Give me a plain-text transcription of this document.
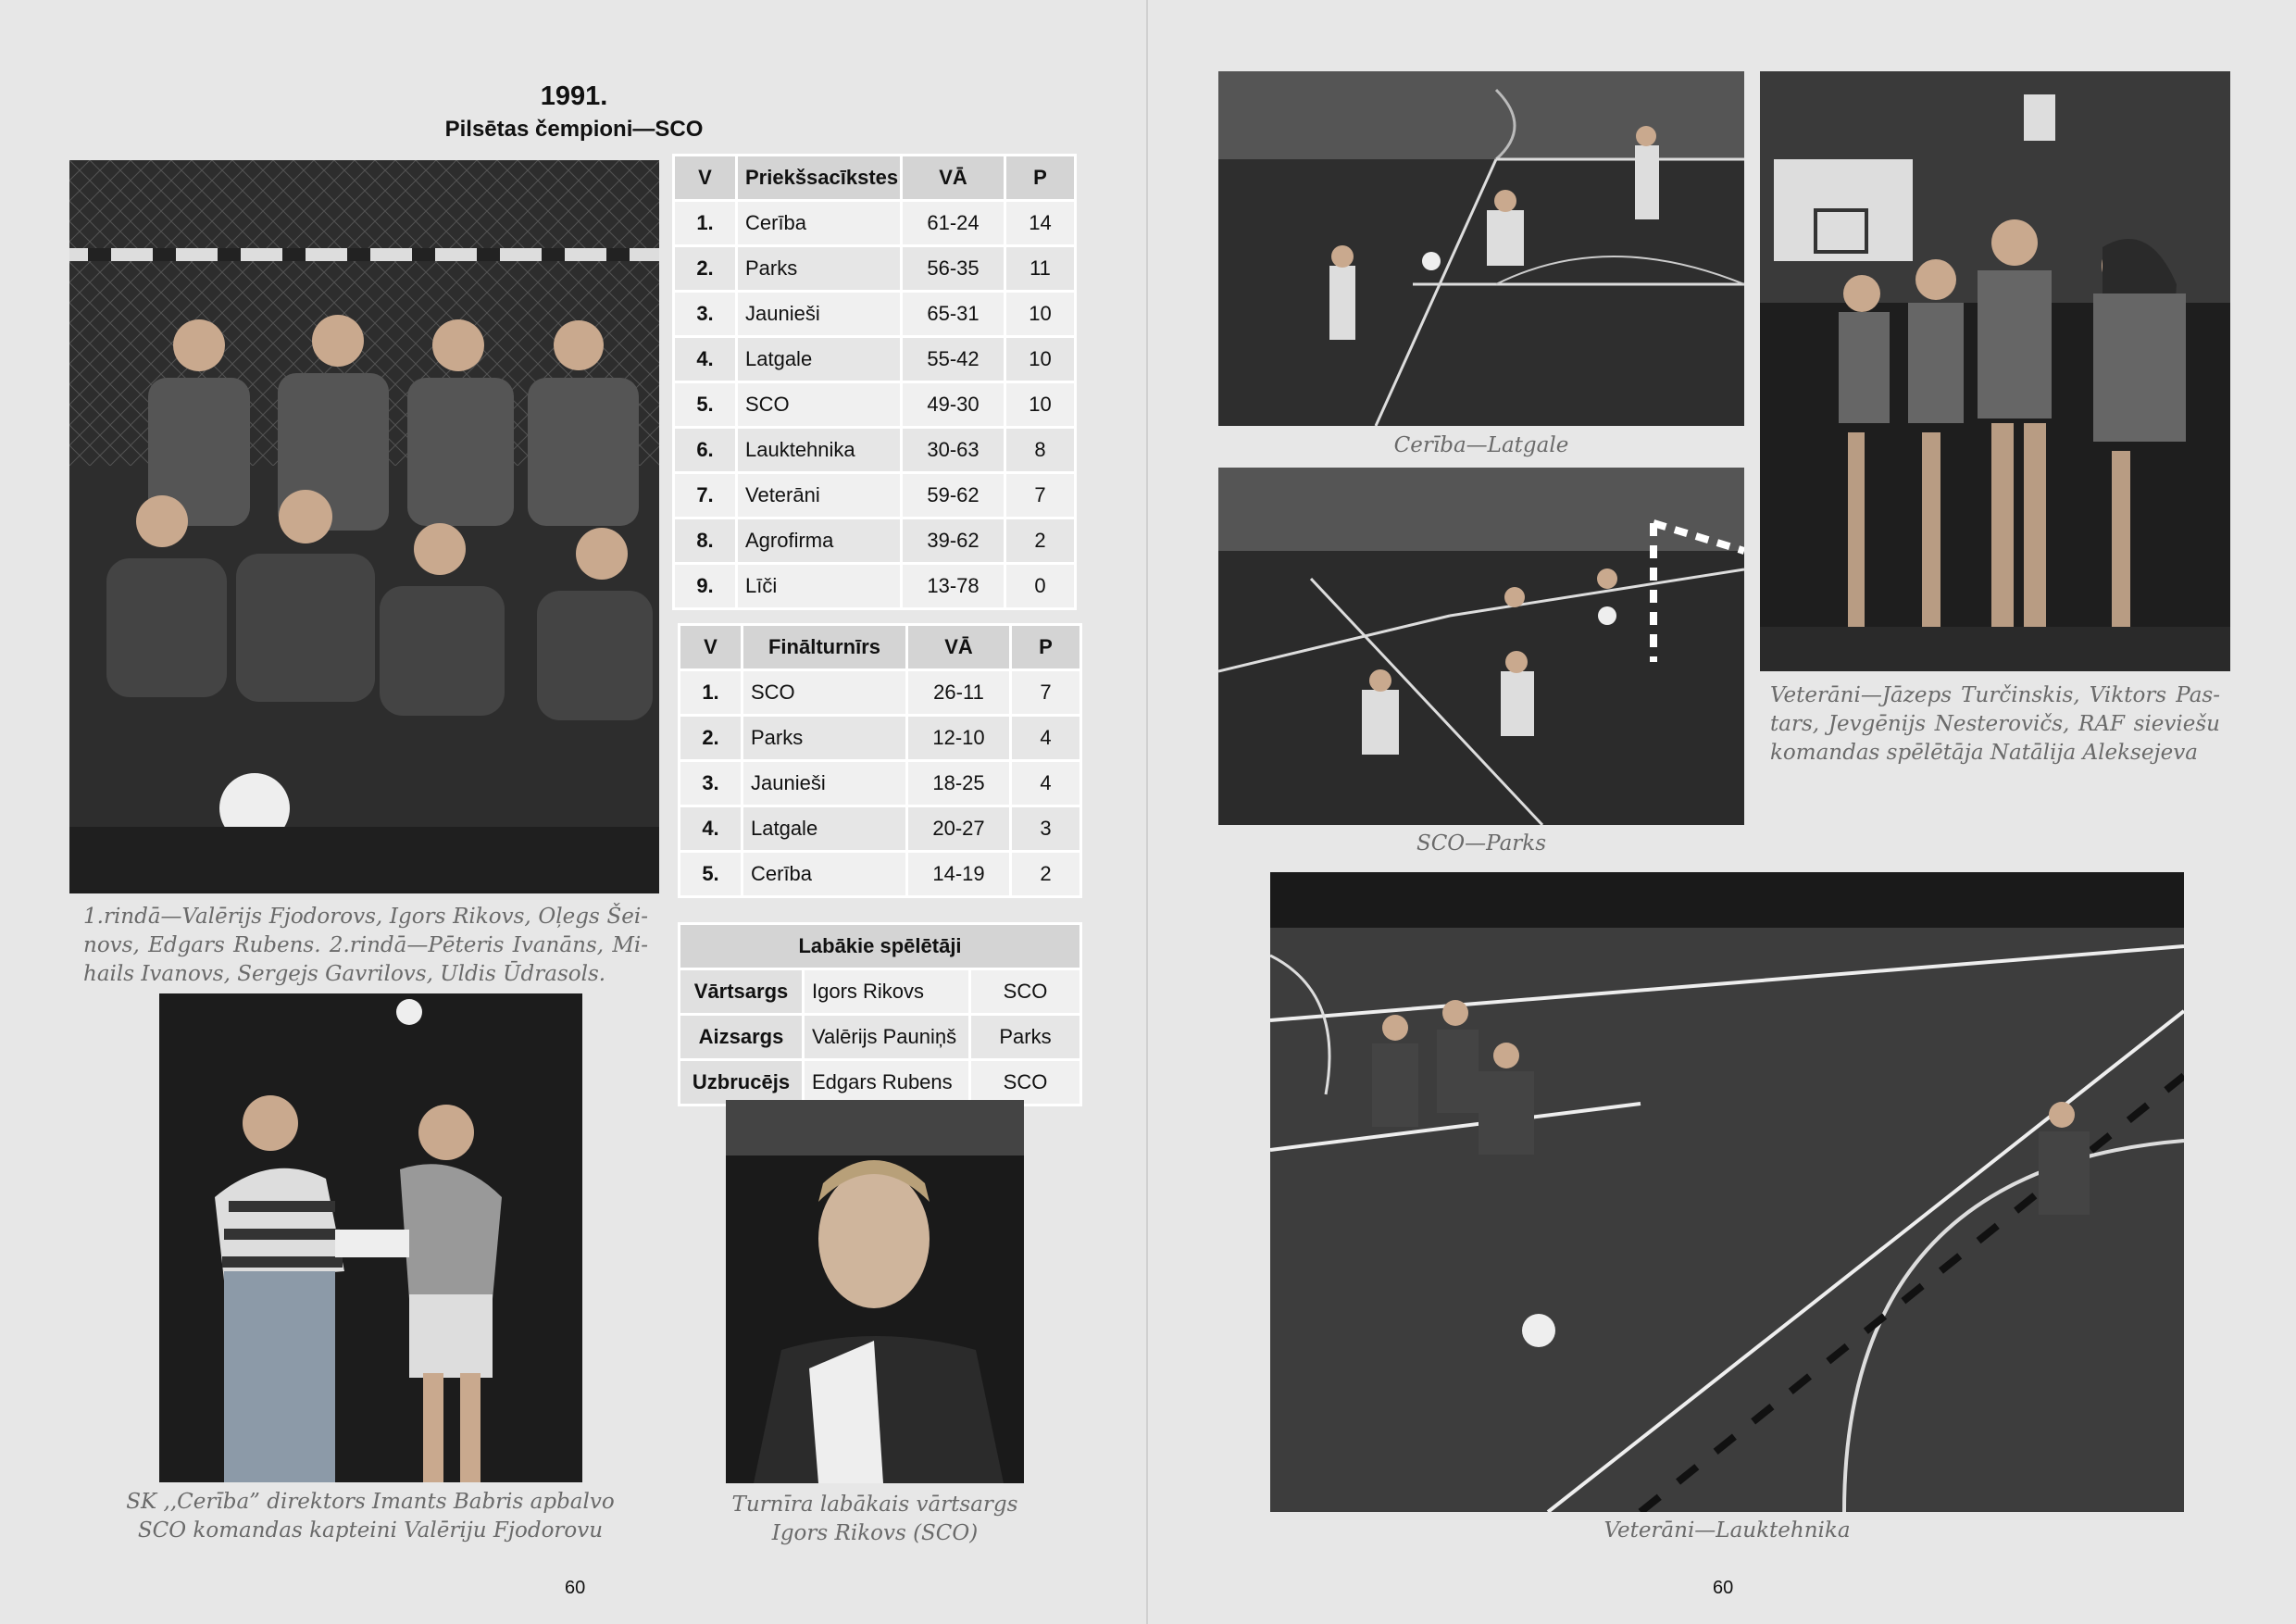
1991.
Pilsētas čempioni—SCO
1.rindā—Valērijs Fjodorovs, Igors Rikovs, Oļegs Šei-novs, Edgars Rubens. 2.rindā—Pēteris Ivanāns, Mi-hails Ivanovs, Sergejs Gavrilovs, Uldis Ūdrasols.
V	Priekšsacīkstes	VĀ	P
1.	Cerība	61-24	14
2.	Parks	56-35	11
3.	Jaunieši	65-31	10
4.	Latgale	55-42	10
5.	SCO	49-30	10
6.	Lauktehnika	30-63	8
7.	Veterāni	59-62	7
8.	Agrofirma	39-62	2
9.	Līči	13-78	0
V	Finālturnīrs	VĀ	P
1.	SCO	26-11	7
2.	Parks	12-10	4
3.	Jaunieši	18-25	4
4.	Latgale	20-27	3
5.	Cerība	14-19	2
Labākie spēlētāji		
Vārtsargs	Igors Rikovs	SCO
Aizsargs	Valērijs Pauniņš	Parks
Uzbrucējs	Edgars Rubens	SCO
SK ,,Cerība” direktors Imants Babris apbalvo
SCO komandas kapteini Valēriju Fjodorovu
Turnīra labākais vārtsargs
Igors Rikovs (SCO)
60
Cerība—Latgale
SCO—Parks
Veterāni—Jāzeps Turčinskis, Viktors Pas-tars, Jevgēnijs Nesterovičs, RAF sieviešu komandas spēlētāja Natālija Aleksejeva
Veterāni—Lauktehnika
60
